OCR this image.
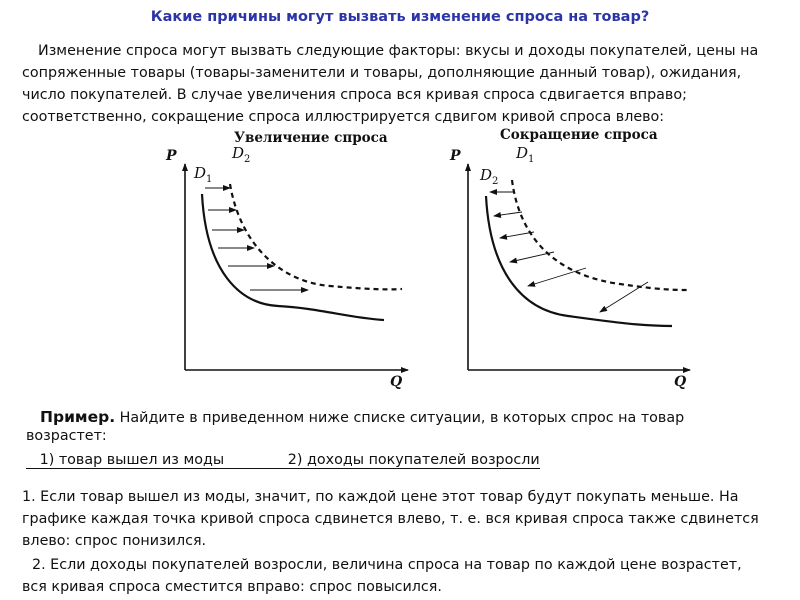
Какие причины могут вызвать изменение спроса на товар?
Изменение спроса могут вызвать следующие факторы: вкусы и доходы покупателей, цены на сопряженные товары (товары-заменители и товары, дополняющие данный товар), ожидания, число покупателей. В случае увеличения спроса вся кривая спроса сдвигается вправо; соответственно, сокращение спроса иллюстрируется сдвигом кривой спроса влево:
Увеличение спроса
P
Q
$D_1$
$D_2$
Сокращение спроса
P
Q
$D_2$
$D_1$
Пример. Найдите в приведенном ниже списке ситуации, в которых спрос на товар
возрастет:
1) товар вышел из моды	2) доходы покупателей возросли

1. Если товар вышел из моды, значит, по каждой цене этот товар будут покупать меньше. На графике каждая точка кривой спроса сдвинется влево, т. е. вся кривая спроса также сдвинется влево: спрос понизился.

2. Если доходы покупателей возросли, величина спроса на товар по каждой цене возрастет, вся кривая спроса сместится вправо: спрос повысился.
